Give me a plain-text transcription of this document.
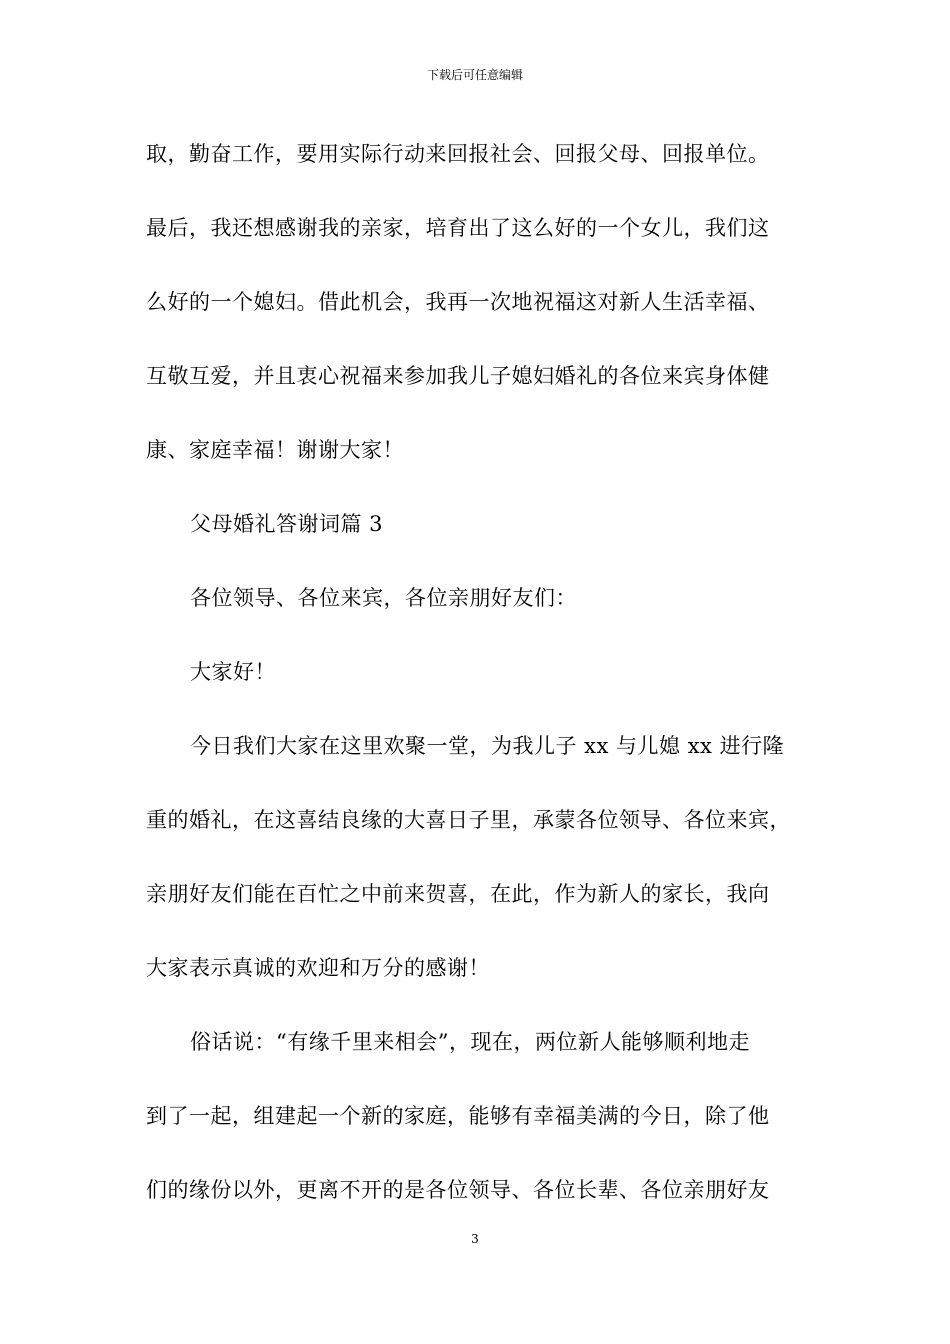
下载后可任意编辑
取，勤奋工作，要用实际行动来回报社会、回报父母、回报单位。
最后，我还想感谢我的亲家，培育出了这么好的一个女儿，我们这
么好的一个媳妇。借此机会，我再一次地祝福这对新人生活幸福、
互敬互爱，并且衷心祝福来参加我儿子媳妇婚礼的各位来宾身体健
康、家庭幸福！谢谢大家！
父母婚礼答谢词篇 3
各位领导、各位来宾，各位亲朋好友们：
大家好！
今日我们大家在这里欢聚一堂，为我儿子 xx 与儿媳 xx 进行隆
重的婚礼，在这喜结良缘的大喜日子里，承蒙各位领导、各位来宾，
亲朋好友们能在百忙之中前来贺喜，在此，作为新人的家长，我向
大家表示真诚的欢迎和万分的感谢！
俗话说：“有缘千里来相会”，现在，两位新人能够顺利地走
到了一起，组建起一个新的家庭，能够有幸福美满的今日，除了他
们的缘份以外，更离不开的是各位领导、各位长辈、各位亲朋好友
3
